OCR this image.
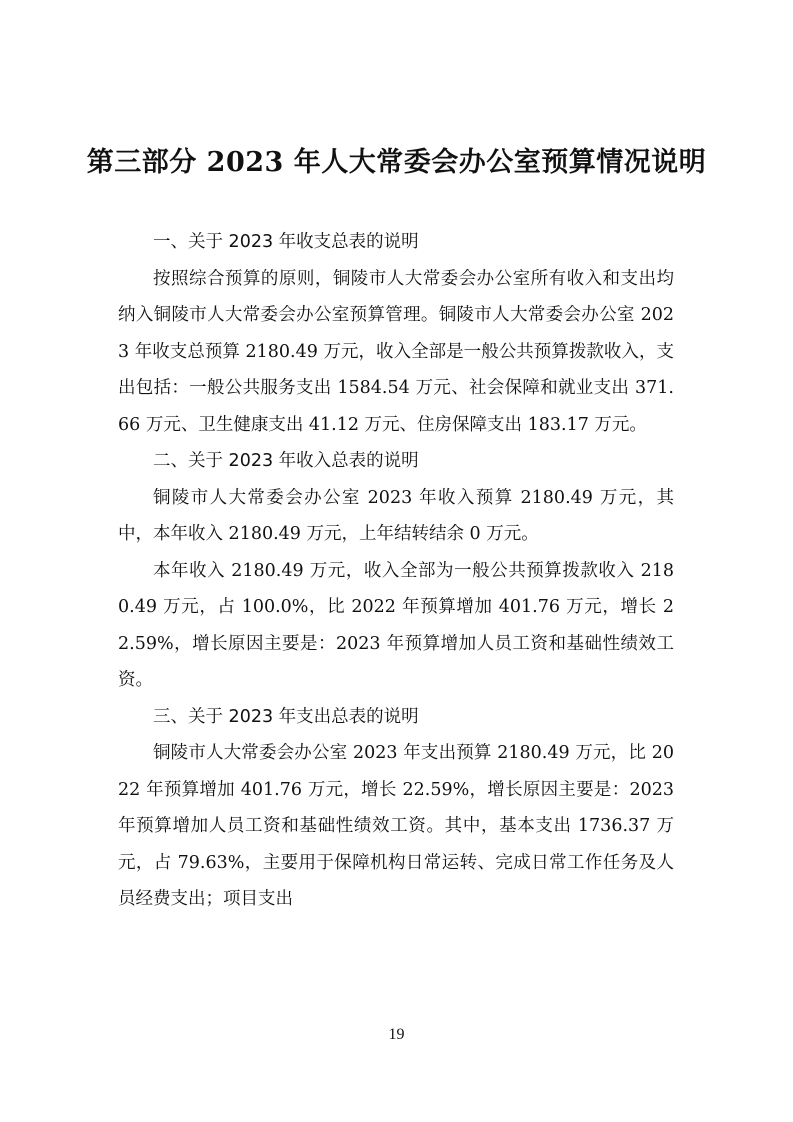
第三部分 2023 年人大常委会办公室预算情况说明

一、关于 2023 年收支总表的说明

按照综合预算的原则，铜陵市人大常委会办公室所有收入和支出均纳入铜陵市人大常委会办公室预算管理。铜陵市人大常委会办公室 2023 年收支总预算 2180.49 万元，收入全部是一般公共预算拨款收入，支出包括：一般公共服务支出 1584.54 万元、社会保障和就业支出 371.66 万元、卫生健康支出 41.12 万元、住房保障支出 183.17 万元。

二、关于 2023 年收入总表的说明

铜陵市人大常委会办公室 2023 年收入预算 2180.49 万元，其中，本年收入 2180.49 万元，上年结转结余 0 万元。

本年收入 2180.49 万元，收入全部为一般公共预算拨款收入 2180.49 万元，占 100.0%，比 2022 年预算增加 401.76 万元，增长 22.59%，增长原因主要是：2023 年预算增加人员工资和基础性绩效工资。

三、关于 2023 年支出总表的说明

铜陵市人大常委会办公室 2023 年支出预算 2180.49 万元，比 2022 年预算增加 401.76 万元，增长 22.59%，增长原因主要是：2023 年预算增加人员工资和基础性绩效工资。其中，基本支出 1736.37 万元，占 79.63%，主要用于保障机构日常运转、完成日常工作任务及人员经费支出；项目支出

19
